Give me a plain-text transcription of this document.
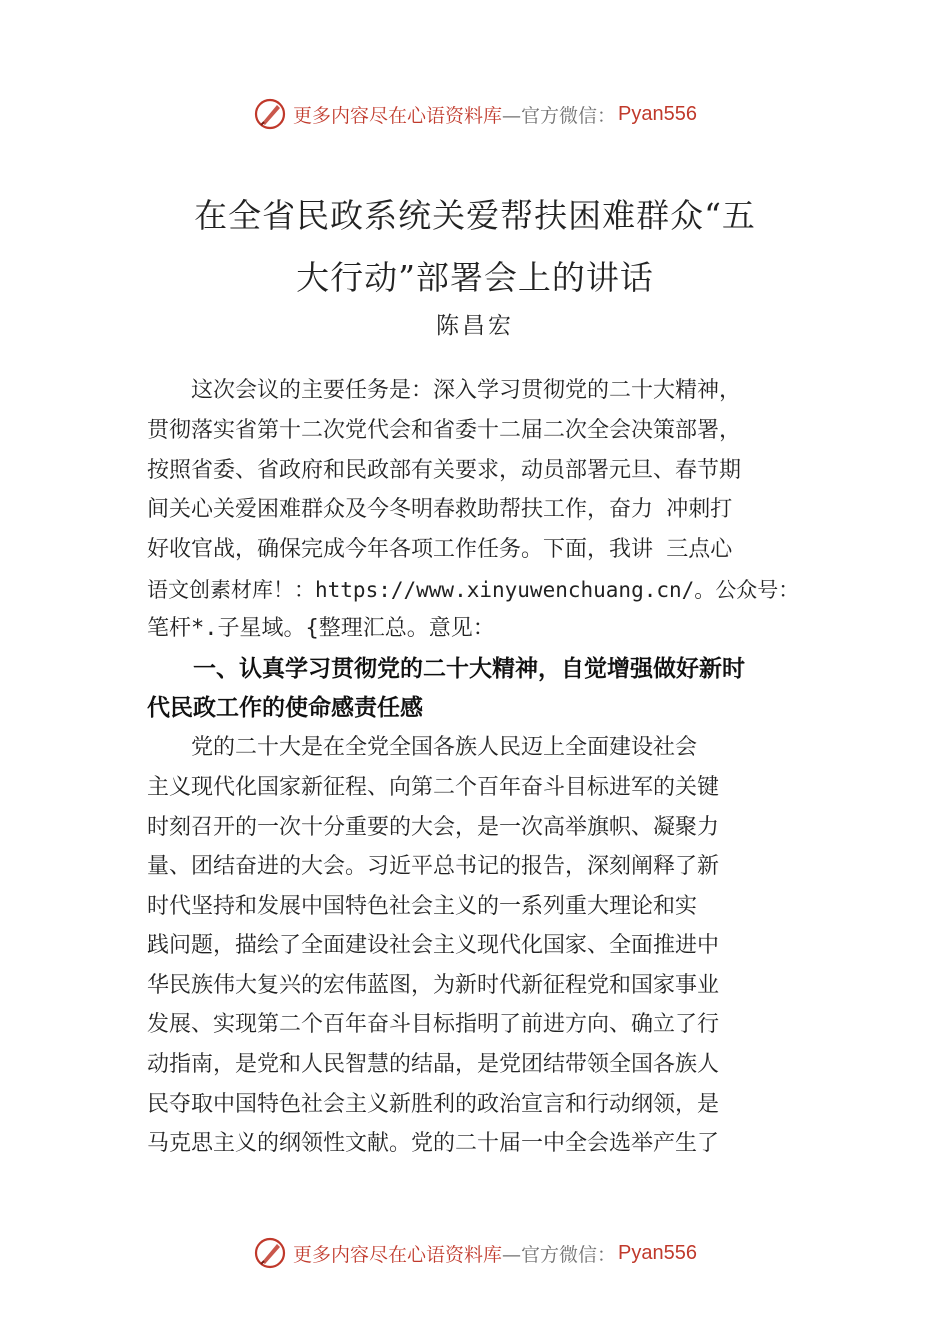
更多内容尽在心语资料库 —官方微信： Pyan556
在全省民政系统关爱帮扶困难群众“五
大行动”部署会上的讲话
陈昌宏
　　这次会议的主要任务是：深入学习贯彻党的二十大精神，
贯彻落实省第十二次党代会和省委十二届二次全会决策部署，
按照省委、省政府和民政部有关要求，动员部署元旦、春节期
间关心关爱困难群众及今冬明春救助帮扶工作，奋力 冲刺打
好收官战，确保完成今年各项工作任务。下面，我讲 三点心
语文创素材库！：https://www.xinyuwenchuang.cn/。公众号：
笔杆*.子星域。{整理汇总。意见：
　　一、认真学习贯彻党的二十大精神，自觉增强做好新时
代民政工作的使命感责任感
　　党的二十大是在全党全国各族人民迈上全面建设社会
主义现代化国家新征程、向第二个百年奋斗目标进军的关键
时刻召开的一次十分重要的大会，是一次高举旗帜、凝聚力
量、团结奋进的大会。习近平总书记的报告，深刻阐释了新
时代坚持和发展中国特色社会主义的一系列重大理论和实
践问题，描绘了全面建设社会主义现代化国家、全面推进中
华民族伟大复兴的宏伟蓝图，为新时代新征程党和国家事业
发展、实现第二个百年奋斗目标指明了前进方向、确立了行
动指南，是党和人民智慧的结晶，是党团结带领全国各族人
民夺取中国特色社会主义新胜利的政治宣言和行动纲领，是
马克思主义的纲领性文献。党的二十届一中全会选举产生了
更多内容尽在心语资料库 —官方微信： Pyan556
